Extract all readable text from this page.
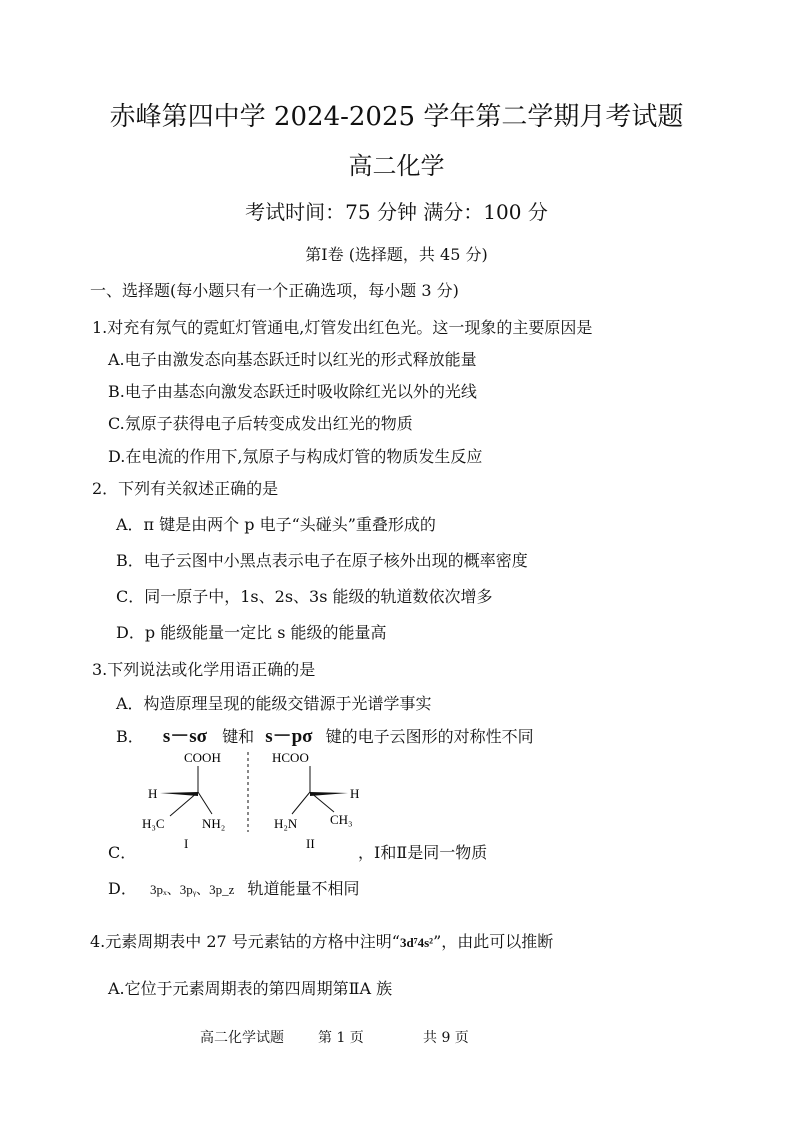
赤峰第四中学 2024-2025 学年第二学期月考试题
高二化学
考试时间：75 分钟 满分：100 分
第Ⅰ卷 (选择题，共 45 分)
一、选择题(每小题只有一个正确选项，每小题 3 分)
1.对充有氖气的霓虹灯管通电,灯管发出红色光。这一现象的主要原因是
A.电子由激发态向基态跃迁时以红光的形式释放能量
B.电子由基态向激发态跃迁时吸收除红光以外的光线
C.氖原子获得电子后转变成发出红光的物质
D.在电流的作用下,氖原子与构成灯管的物质发生反应
2．下列有关叙述正确的是
A．π 键是由两个 p 电子“头碰头”重叠形成的
B．电子云图中小黑点表示电子在原子核外出现的概率密度
C．同一原子中，1s、2s、3s 能级的轨道数依次增多
D．p 能级能量一定比 s 能级的能量高
3.下列说法或化学用语正确的是
A．构造原理呈现的能级交错源于光谱学事实
B． s－sσ 键和 s－pσ 键的电子云图形的对称性不同
COOH
H
H₃C	NH₂
I
HCOO
H
H₂N	CH₃
II
C．	，Ⅰ和Ⅱ是同一物质
D． 3pₓ、3pᵧ、3p_z 轨道能量不相同
4.元素周期表中 27 号元素钴的方格中注明“3d⁷4s²”，由此可以推断
A.它位于元素周期表的第四周期第ⅡA 族
高二化学试题 第 1 页	共 9 页
